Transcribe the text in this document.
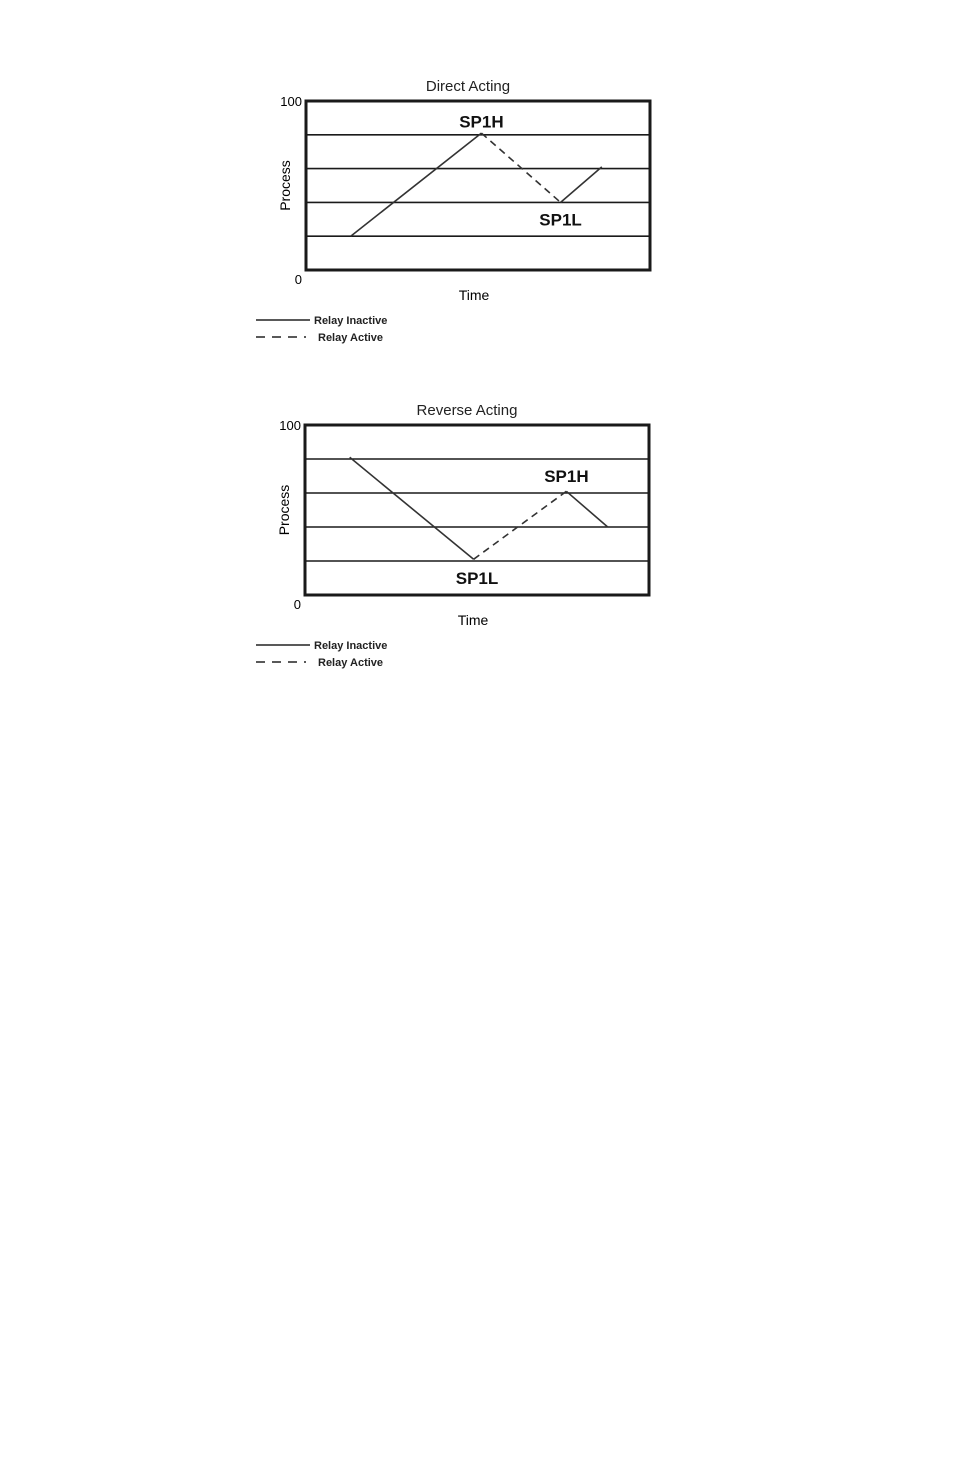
Direct Acting
100
0
Process
Time
SP1H
SP1L
Relay Inactive
Relay Active
Reverse Acting
100
0
Process
Time
SP1H
SP1L
Relay Inactive
Relay Active
